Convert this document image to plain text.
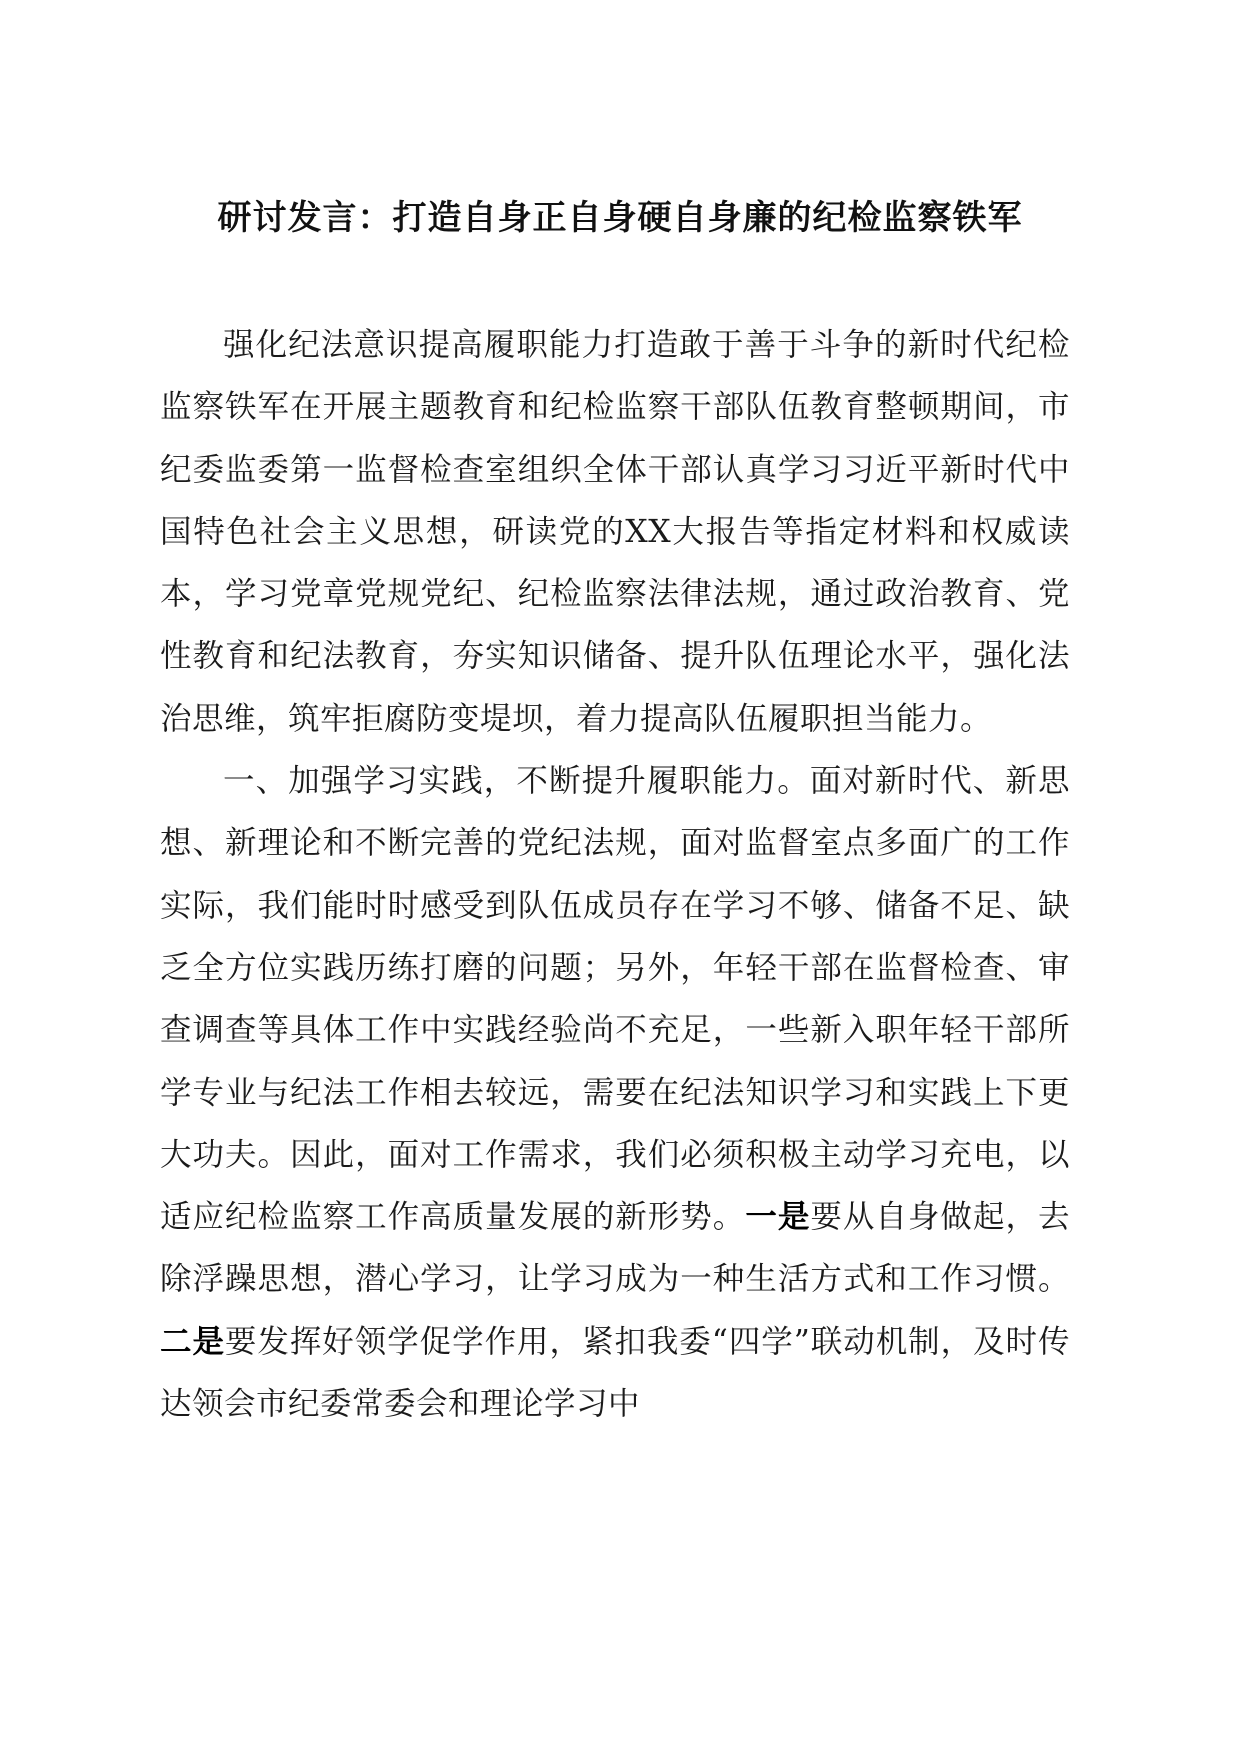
研讨发言：打造自身正自身硬自身廉的纪检监察铁军

强化纪法意识提高履职能力打造敢于善于斗争的新时代纪检监察铁军在开展主题教育和纪检监察干部队伍教育整顿期间，市纪委监委第一监督检查室组织全体干部认真学习习近平新时代中国特色社会主义思想，研读党的XX大报告等指定材料和权威读本，学习党章党规党纪、纪检监察法律法规，通过政治教育、党性教育和纪法教育，夯实知识储备、提升队伍理论水平，强化法治思维，筑牢拒腐防变堤坝，着力提高队伍履职担当能力。

一、加强学习实践，不断提升履职能力。面对新时代、新思想、新理论和不断完善的党纪法规，面对监督室点多面广的工作实际，我们能时时感受到队伍成员存在学习不够、储备不足、缺乏全方位实践历练打磨的问题；另外，年轻干部在监督检查、审查调查等具体工作中实践经验尚不充足，一些新入职年轻干部所学专业与纪法工作相去较远，需要在纪法知识学习和实践上下更大功夫。因此，面对工作需求，我们必须积极主动学习充电，以适应纪检监察工作高质量发展的新形势。一是要从自身做起，去除浮躁思想，潜心学习，让学习成为一种生活方式和工作习惯。二是要发挥好领学促学作用，紧扣我委“四学”联动机制，及时传达领会市纪委常委会和理论学习中
